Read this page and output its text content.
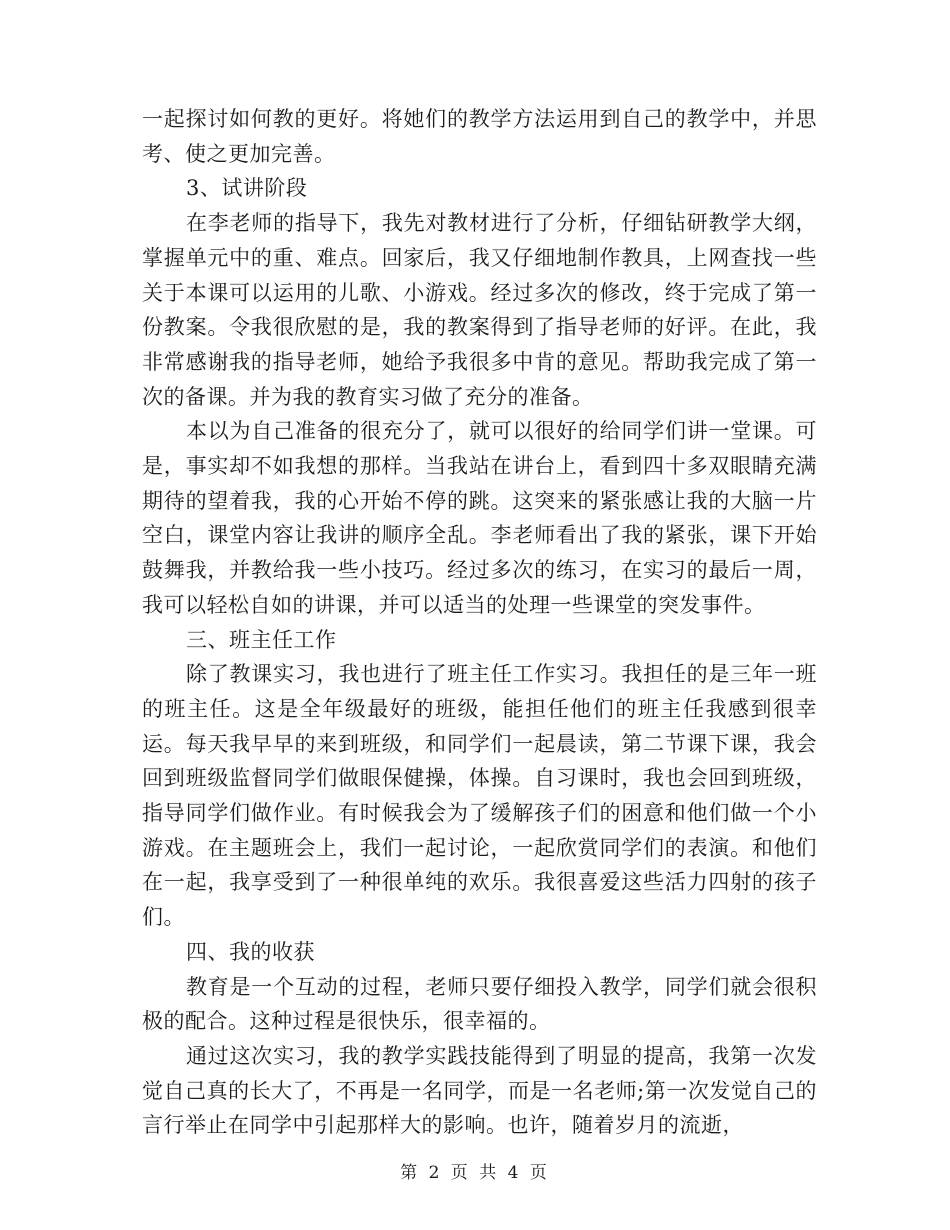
一起探讨如何教的更好。将她们的教学方法运用到自己的教学中，并思考、使之更加完善。

3、试讲阶段

在李老师的指导下，我先对教材进行了分析，仔细钻研教学大纲，掌握单元中的重、难点。回家后，我又仔细地制作教具，上网查找一些关于本课可以运用的儿歌、小游戏。经过多次的修改，终于完成了第一份教案。令我很欣慰的是，我的教案得到了指导老师的好评。在此，我非常感谢我的指导老师，她给予我很多中肯的意见。帮助我完成了第一次的备课。并为我的教育实习做了充分的准备。

本以为自己准备的很充分了，就可以很好的给同学们讲一堂课。可是，事实却不如我想的那样。当我站在讲台上，看到四十多双眼睛充满期待的望着我，我的心开始不停的跳。这突来的紧张感让我的大脑一片空白，课堂内容让我讲的顺序全乱。李老师看出了我的紧张，课下开始鼓舞我，并教给我一些小技巧。经过多次的练习，在实习的最后一周，我可以轻松自如的讲课，并可以适当的处理一些课堂的突发事件。

三、班主任工作

除了教课实习，我也进行了班主任工作实习。我担任的是三年一班的班主任。这是全年级最好的班级，能担任他们的班主任我感到很幸运。每天我早早的来到班级，和同学们一起晨读，第二节课下课，我会回到班级监督同学们做眼保健操，体操。自习课时，我也会回到班级，指导同学们做作业。有时候我会为了缓解孩子们的困意和他们做一个小游戏。在主题班会上，我们一起讨论，一起欣赏同学们的表演。和他们在一起，我享受到了一种很单纯的欢乐。我很喜爱这些活力四射的孩子们。

四、我的收获

教育是一个互动的过程，老师只要仔细投入教学，同学们就会很积极的配合。这种过程是很快乐，很幸福的。

通过这次实习，我的教学实践技能得到了明显的提高，我第一次发觉自己真的长大了，不再是一名同学，而是一名老师;第一次发觉自己的言行举止在同学中引起那样大的影响。也许，随着岁月的流逝，

第 2 页 共 4 页
